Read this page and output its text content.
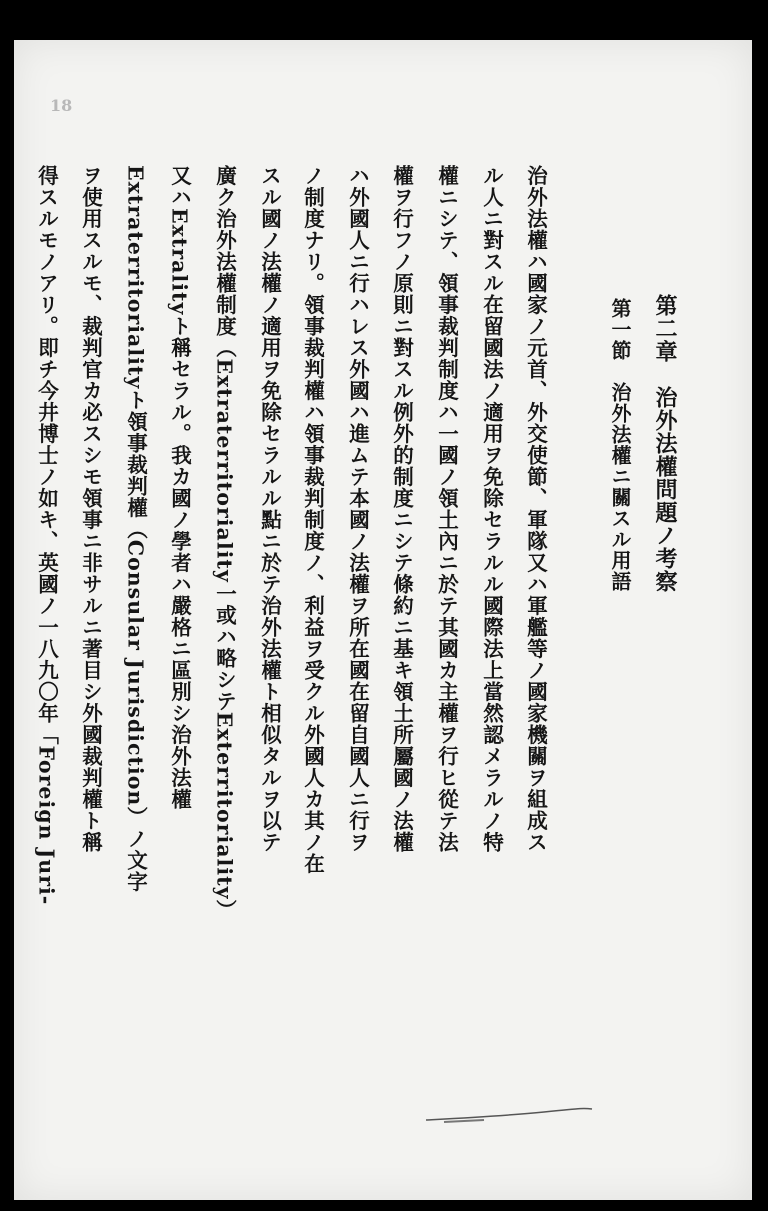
18
第二章　治外法權問題ノ考察
第一節　治外法權ニ關スル用語
治外法權ハ國家ノ元首、外交使節、軍隊又ハ軍艦等ノ國家機關ヲ組成ス
ル人ニ對スル在留國法ノ適用ヲ免除セラルル國際法上當然認メラルノ特
權ニシテ、領事裁判制度ハ一國ノ領土內ニ於テ其國カ主權ヲ行ヒ從テ法
權ヲ行フノ原則ニ對スル例外的制度ニシテ條約ニ基キ領土所屬國ノ法權
ハ外國人ニ行ハレス外國ハ進ムテ本國ノ法權ヲ所在國在留自國人ニ行ヲ
ノ制度ナリ。領事裁判權ハ領事裁判制度ノ、利益ヲ受クル外國人カ其ノ在
スル國ノ法權ノ適用ヲ免除セラルル點ニ於テ治外法權ト相似タルヲ以テ
廣ク治外法權制度（Extraterritoriality一或ハ略シテExterritoriality）
又ハExtralityト稱セラル。我カ國ノ學者ハ嚴格ニ區別シ治外法權
Extraterritorialityト領事裁判權（Consular Jurisdiction）ノ文字
ヲ使用スルモ、裁判官カ必スシモ領事ニ非サルニ著目シ外國裁判權ト稱
得スルモノアリ。即チ今井博士ノ如キ、英國ノ一八九〇年「Foreign Juri-
